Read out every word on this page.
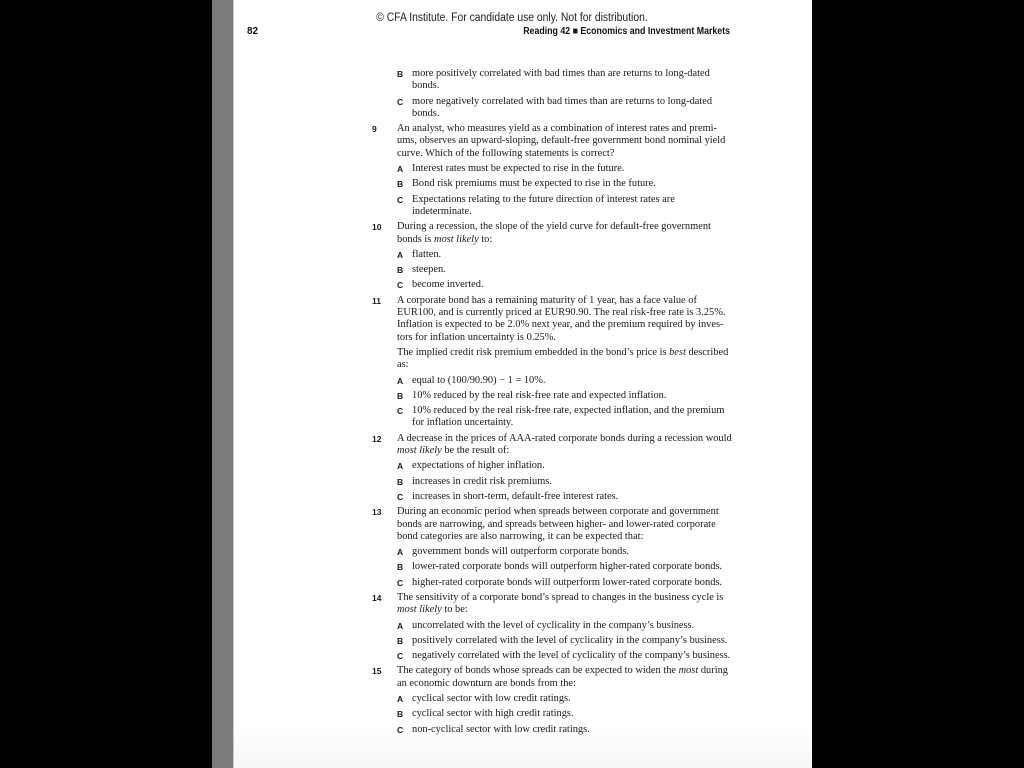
© CFA Institute. For candidate use only. Not for distribution.
82	Reading 42 ■ Economics and Investment Markets
B more positively correlated with bad times than are returns to long-dated bonds.
C more negatively correlated with bad times than are returns to long-dated bonds.
9	An analyst, who measures yield as a combination of interest rates and premiums, observes an upward-sloping, default-free government bond nominal yield curve. Which of the following statements is correct?
A Interest rates must be expected to rise in the future.
B Bond risk premiums must be expected to rise in the future.
C Expectations relating to the future direction of interest rates are indeterminate.
10	During a recession, the slope of the yield curve for default-free government bonds is most likely to:
A flatten.
B steepen.
C become inverted.
11	A corporate bond has a remaining maturity of 1 year, has a face value of EUR100, and is currently priced at EUR90.90. The real risk-free rate is 3.25%. Inflation is expected to be 2.0% next year, and the premium required by investors for inflation uncertainty is 0.25%.
The implied credit risk premium embedded in the bond’s price is best described as:
A equal to (100/90.90) − 1 = 10%.
B 10% reduced by the real risk-free rate and expected inflation.
C 10% reduced by the real risk-free rate, expected inflation, and the premium for inflation uncertainty.
12	A decrease in the prices of AAA-rated corporate bonds during a recession would most likely be the result of:
A expectations of higher inflation.
B increases in credit risk premiums.
C increases in short-term, default-free interest rates.
13	During an economic period when spreads between corporate and government bonds are narrowing, and spreads between higher- and lower-rated corporate bond categories are also narrowing, it can be expected that:
A government bonds will outperform corporate bonds.
B lower-rated corporate bonds will outperform higher-rated corporate bonds.
C higher-rated corporate bonds will outperform lower-rated corporate bonds.
14	The sensitivity of a corporate bond’s spread to changes in the business cycle is most likely to be:
A uncorrelated with the level of cyclicality in the company’s business.
B positively correlated with the level of cyclicality in the company’s business.
C negatively correlated with the level of cyclicality of the company’s business.
15	The category of bonds whose spreads can be expected to widen the most during an economic downturn are bonds from the:
A cyclical sector with low credit ratings.
B cyclical sector with high credit ratings.
C non-cyclical sector with low credit ratings.
